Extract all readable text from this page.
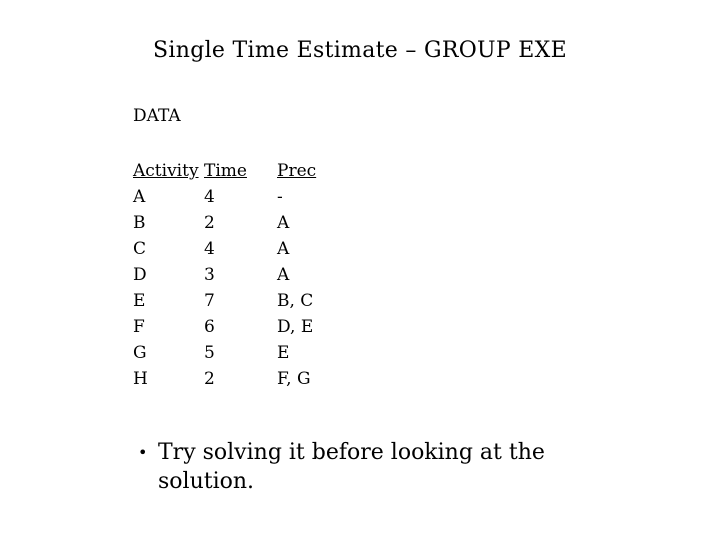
Single Time Estimate – GROUP EXE
DATA
Activity	Time	Prec
A	4	-
B	2	A
C	4	A
D	3	A
E	7	B, C
F	6	D, E
G	5	E
H	2	F, G
• Try solving it before looking at the solution.
